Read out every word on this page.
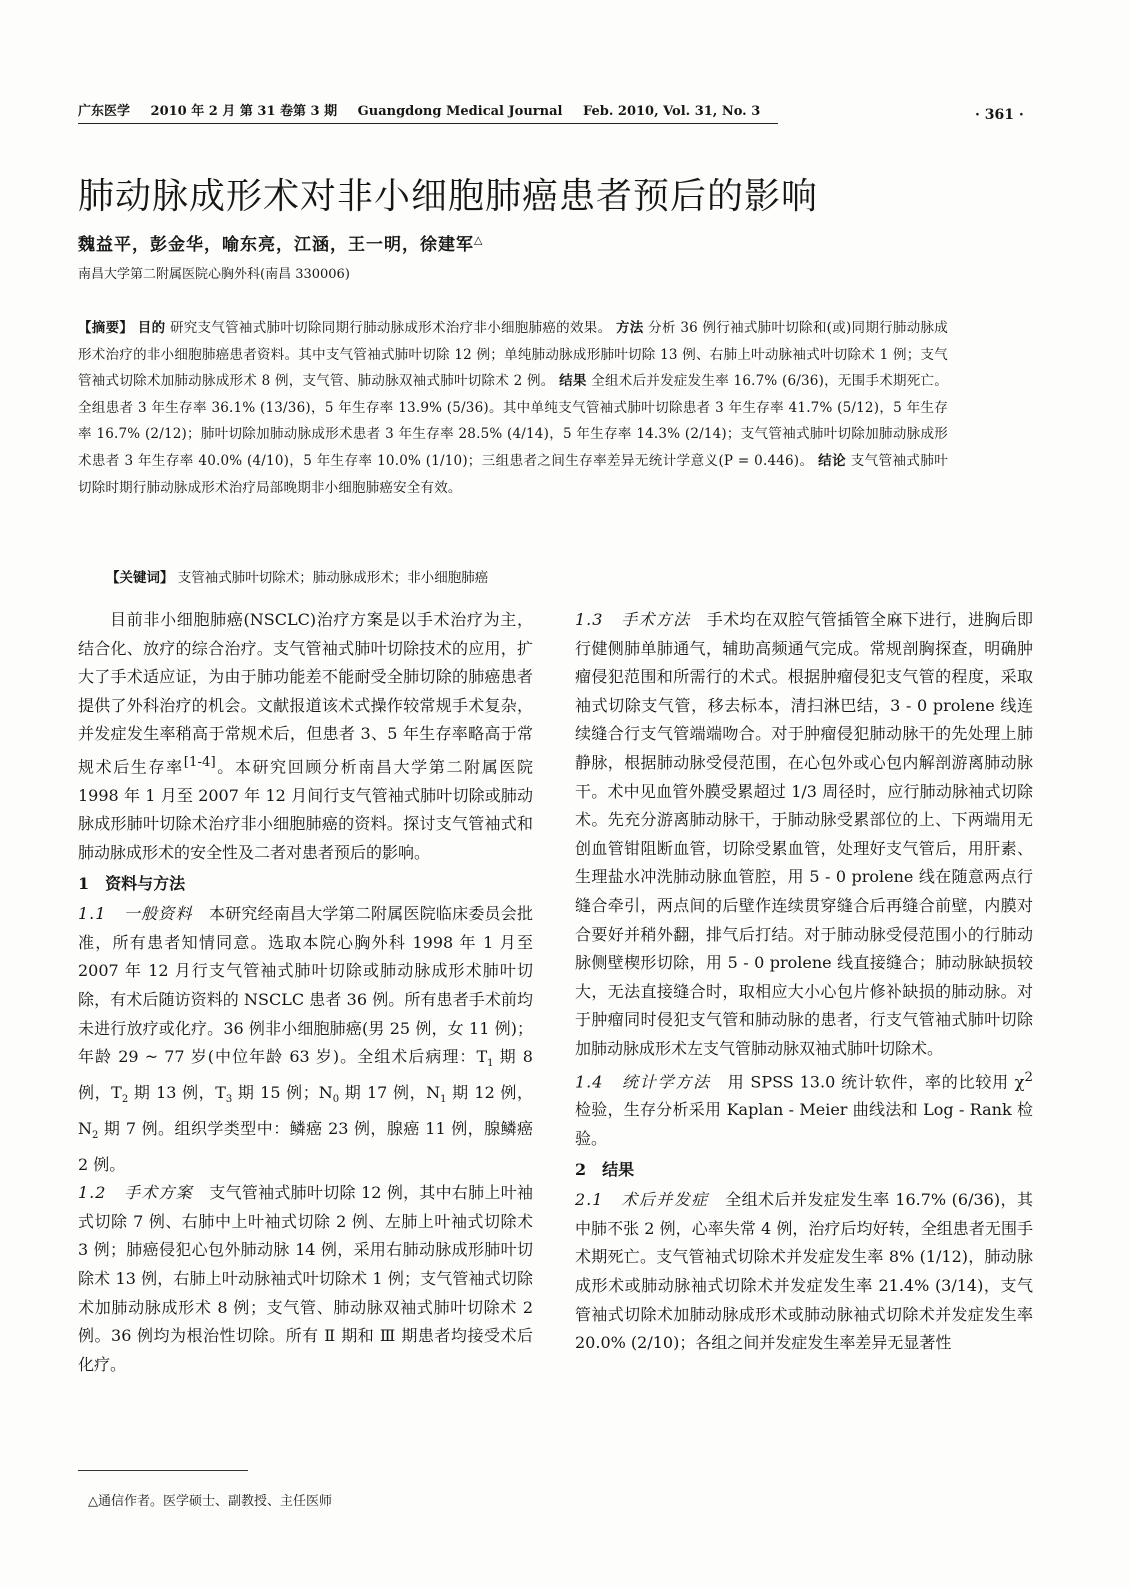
广东医学 2010 年 2 月 第 31 卷第 3 期 Guangdong Medical Journal Feb. 2010, Vol. 31, No. 3	· 361 ·
肺动脉成形术对非小细胞肺癌患者预后的影响
魏益平，彭金华，喻东亮，江涵，王一明，徐建军△
南昌大学第二附属医院心胸外科(南昌 330006)
【摘要】 目的 研究支气管袖式肺叶切除同期行肺动脉成形术治疗非小细胞肺癌的效果。 方法 分析 36 例行袖式肺叶切除和(或)同期行肺动脉成形术治疗的非小细胞肺癌患者资料。其中支气管袖式肺叶切除 12 例；单纯肺动脉成形肺叶切除 13 例、右肺上叶动脉袖式叶切除术 1 例；支气管袖式切除术加肺动脉成形术 8 例，支气管、肺动脉双袖式肺叶切除术 2 例。 结果 全组术后并发症发生率 16.7% (6/36)，无围手术期死亡。全组患者 3 年生存率 36.1% (13/36)，5 年生存率 13.9% (5/36)。其中单纯支气管袖式肺叶切除患者 3 年生存率 41.7% (5/12)，5 年生存率 16.7% (2/12)；肺叶切除加肺动脉成形术患者 3 年生存率 28.5% (4/14)，5 年生存率 14.3% (2/14)；支气管袖式肺叶切除加肺动脉成形术患者 3 年生存率 40.0% (4/10)，5 年生存率 10.0% (1/10)；三组患者之间生存率差异无统计学意义(P = 0.446)。 结论 支气管袖式肺叶切除时期行肺动脉成形术治疗局部晚期非小细胞肺癌安全有效。
【关键词】 支管袖式肺叶切除术；肺动脉成形术；非小细胞肺癌

目前非小细胞肺癌(NSCLC)治疗方案是以手术治疗为主，结合化、放疗的综合治疗。支气管袖式肺叶切除技术的应用，扩大了手术适应证，为由于肺功能差不能耐受全肺切除的肺癌患者提供了外科治疗的机会。文献报道该术式操作较常规手术复杂，并发症发生率稍高于常规术后，但患者 3、5 年生存率略高于常规术后生存率[1-4]。本研究回顾分析南昌大学第二附属医院 1998 年 1 月至 2007 年 12 月间行支气管袖式肺叶切除或肺动脉成形肺叶切除术治疗非小细胞肺癌的资料。探讨支气管袖式和肺动脉成形术的安全性及二者对患者预后的影响。

1　资料与方法

1.1　一般资料　 本研究经南昌大学第二附属医院临床委员会批准，所有患者知情同意。选取本院心胸外科 1998 年 1 月至 2007 年 12 月行支气管袖式肺叶切除或肺动脉成形术肺叶切除，有术后随访资料的 NSCLC 患者 36 例。所有患者手术前均未进行放疗或化疗。36 例非小细胞肺癌(男 25 例，女 11 例)；年龄 29 ~ 77 岁(中位年龄 63 岁)。全组术后病理：$T_1$ 期 8 例，$T_2$ 期 13 例，$T_3$ 期 15 例；$N_0$ 期 17 例，$N_1$ 期 12 例，$N_2$ 期 7 例。组织学类型中：鳞癌 23 例，腺癌 11 例，腺鳞癌 2 例。

1.2　手术方案　 支气管袖式肺叶切除 12 例，其中右肺上叶袖式切除 7 例、右肺中上叶袖式切除 2 例、左肺上叶袖式切除术 3 例；肺癌侵犯心包外肺动脉 14 例，采用右肺动脉成形肺叶切除术 13 例，右肺上叶动脉袖式叶切除术 1 例；支气管袖式切除术加肺动脉成形术 8 例；支气管、肺动脉双袖式肺叶切除术 2 例。36 例均为根治性切除。所有 Ⅱ 期和 Ⅲ 期患者均接受术后化疗。

1.3　手术方法　 手术均在双腔气管插管全麻下进行，进胸后即行健侧肺单肺通气，辅助高频通气完成。常规剖胸探查，明确肿瘤侵犯范围和所需行的术式。根据肿瘤侵犯支气管的程度，采取袖式切除支气管，移去标本，清扫淋巴结，3 - 0 prolene 线连续缝合行支气管端端吻合。对于肿瘤侵犯肺动脉干的先处理上肺静脉，根据肺动脉受侵范围，在心包外或心包内解剖游离肺动脉干。术中见血管外膜受累超过 1/3 周径时，应行肺动脉袖式切除术。先充分游离肺动脉干，于肺动脉受累部位的上、下两端用无创血管钳阻断血管，切除受累血管，处理好支气管后，用肝素、生理盐水冲洗肺动脉血管腔，用 5 - 0 prolene 线在随意两点行缝合牵引，两点间的后壁作连续贯穿缝合后再缝合前壁，内膜对合要好并稍外翻，排气后打结。对于肺动脉受侵范围小的行肺动脉侧壁楔形切除，用 5 - 0 prolene 线直接缝合；肺动脉缺损较大，无法直接缝合时，取相应大小心包片修补缺损的肺动脉。对于肿瘤同时侵犯支气管和肺动脉的患者，行支气管袖式肺叶切除加肺动脉成形术左支气管肺动脉双袖式肺叶切除术。

1.4　统计学方法　 用 SPSS 13.0 统计软件，率的比较用 $\chi^2$ 检验，生存分析采用 Kaplan - Meier 曲线法和 Log - Rank 检验。

2　结果

2.1　术后并发症　 全组术后并发症发生率 16.7% (6/36)，其中肺不张 2 例，心率失常 4 例，治疗后均好转，全组患者无围手术期死亡。支气管袖式切除术并发症发生率 8% (1/12)，肺动脉成形术或肺动脉袖式切除术并发症发生率 21.4% (3/14)，支气管袖式切除术加肺动脉成形术或肺动脉袖式切除术并发症发生率 20.0% (2/10)；各组之间并发症发生率差异无显著性

△通信作者。医学硕士、副教授、主任医师
